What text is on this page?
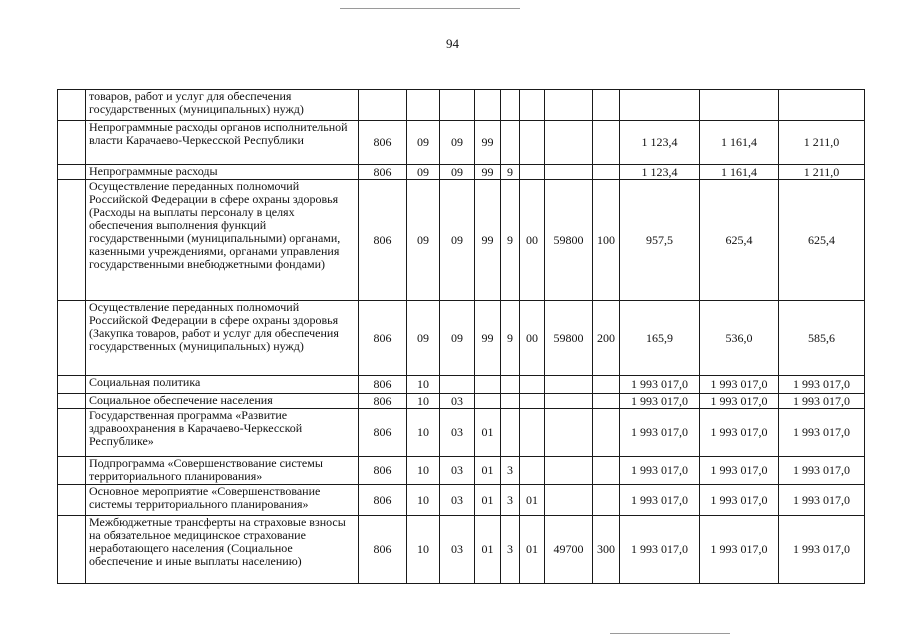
94
	товаров, работ и услуг для обеспечения государственных (муниципальных) нужд)											
	Непрограммные расходы органов исполнительной власти Карачаево-Черкесской Республики	806	09	09	99					1 123,4	1 161,4	1 211,0
	Непрограммные расходы	806	09	09	99	9				1 123,4	1 161,4	1 211,0
	Осуществление переданных полномочий Российской Федерации в сфере охраны здоровья (Расходы на выплаты персоналу в целях обеспечения выполнения функций государственными (муниципальными) органами, казенными учреждениями, органами управления государственными внебюджетными фондами)	806	09	09	99	9	00	59800	100	957,5	625,4	625,4
	Осуществление переданных полномочий Российской Федерации в сфере охраны здоровья (Закупка товаров, работ и услуг для обеспечения государственных (муниципальных) нужд)	806	09	09	99	9	00	59800	200	165,9	536,0	585,6
	Социальная политика	806	10							1 993 017,0	1 993 017,0	1 993 017,0
	Социальное обеспечение населения	806	10	03						1 993 017,0	1 993 017,0	1 993 017,0
	Государственная программа «Развитие здравоохранения в Карачаево-Черкесской Республике»	806	10	03	01					1 993 017,0	1 993 017,0	1 993 017,0
	Подпрограмма «Совершенствование системы территориального планирования»	806	10	03	01	3				1 993 017,0	1 993 017,0	1 993 017,0
	Основное мероприятие «Совершенствование системы территориального планирования»	806	10	03	01	3	01			1 993 017,0	1 993 017,0	1 993 017,0
	Межбюджетные трансферты на страховые взносы на обязательное медицинское страхование неработающего населения (Социальное обеспечение и иные выплаты населению)	806	10	03	01	3	01	49700	300	1 993 017,0	1 993 017,0	1 993 017,0
